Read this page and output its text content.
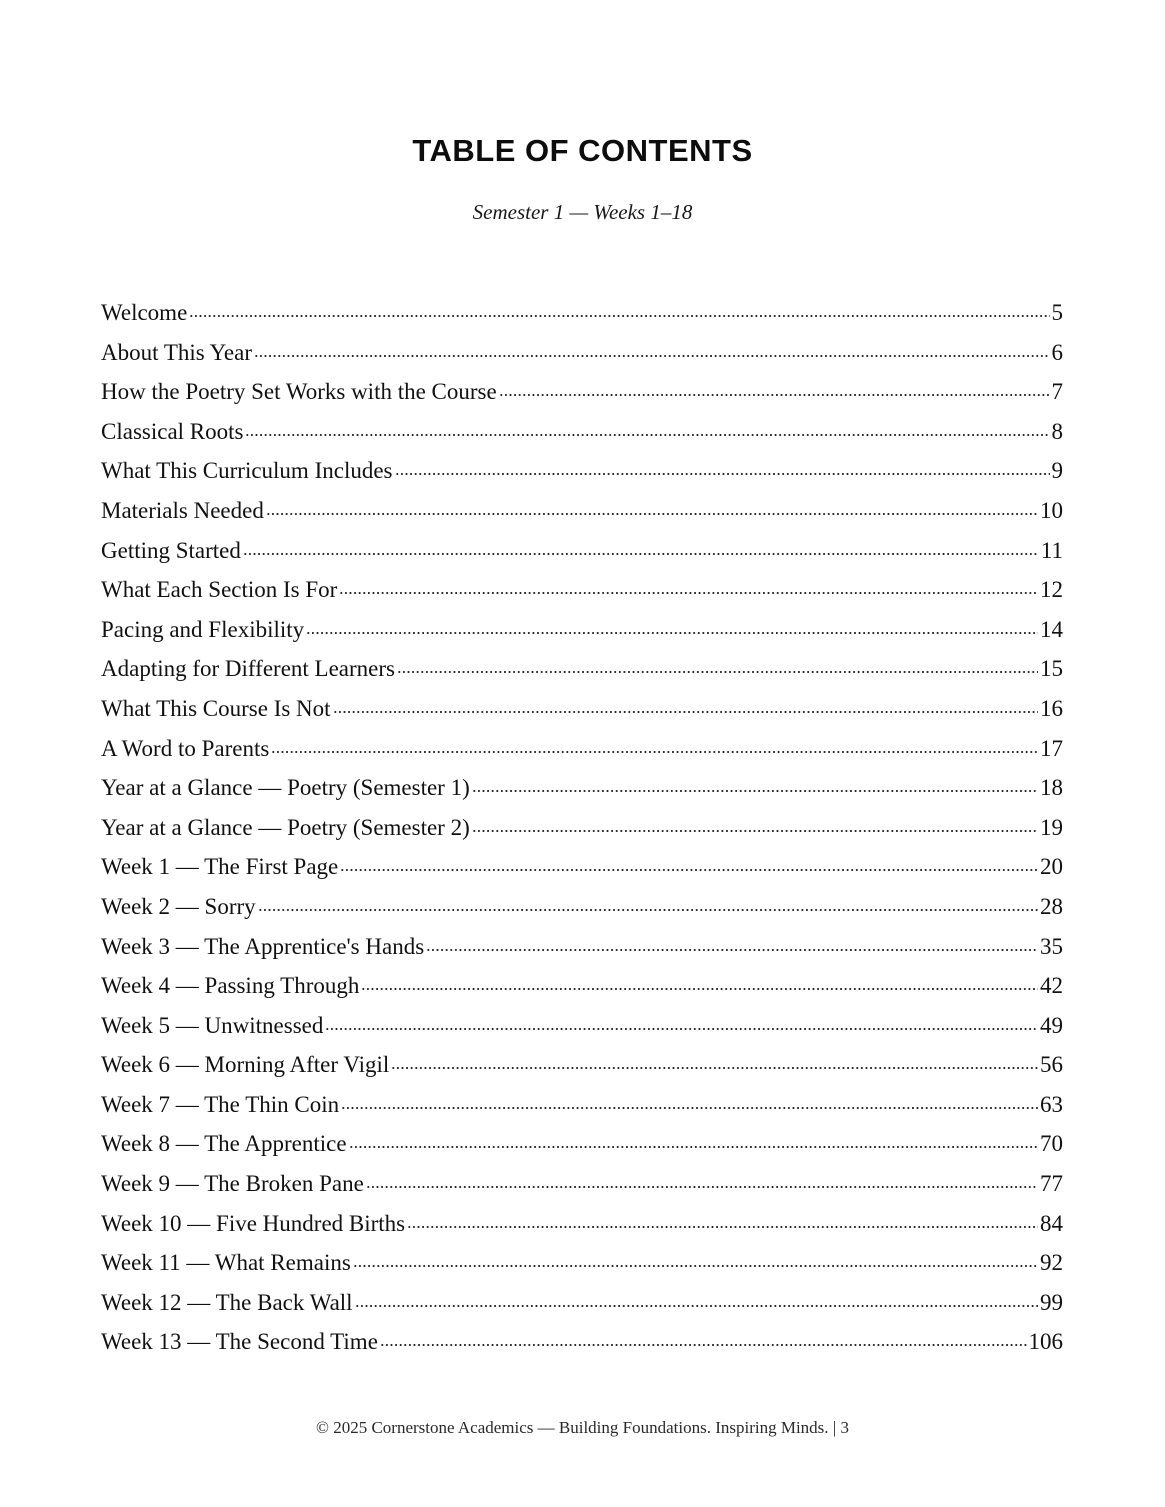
TABLE OF CONTENTS
Semester 1 — Weeks 1–18
Welcome	5
About This Year	6
How the Poetry Set Works with the Course	7
Classical Roots	8
What This Curriculum Includes	9
Materials Needed	10
Getting Started	11
What Each Section Is For	12
Pacing and Flexibility	14
Adapting for Different Learners	15
What This Course Is Not	16
A Word to Parents	17
Year at a Glance — Poetry (Semester 1)	18
Year at a Glance — Poetry (Semester 2)	19
Week 1 — The First Page	20
Week 2 — Sorry	28
Week 3 — The Apprentice's Hands	35
Week 4 — Passing Through	42
Week 5 — Unwitnessed	49
Week 6 — Morning After Vigil	56
Week 7 — The Thin Coin	63
Week 8 — The Apprentice	70
Week 9 — The Broken Pane	77
Week 10 — Five Hundred Births	84
Week 11 — What Remains	92
Week 12 — The Back Wall	99
Week 13 — The Second Time	106
© 2025 Cornerstone Academics — Building Foundations. Inspiring Minds. | 3
